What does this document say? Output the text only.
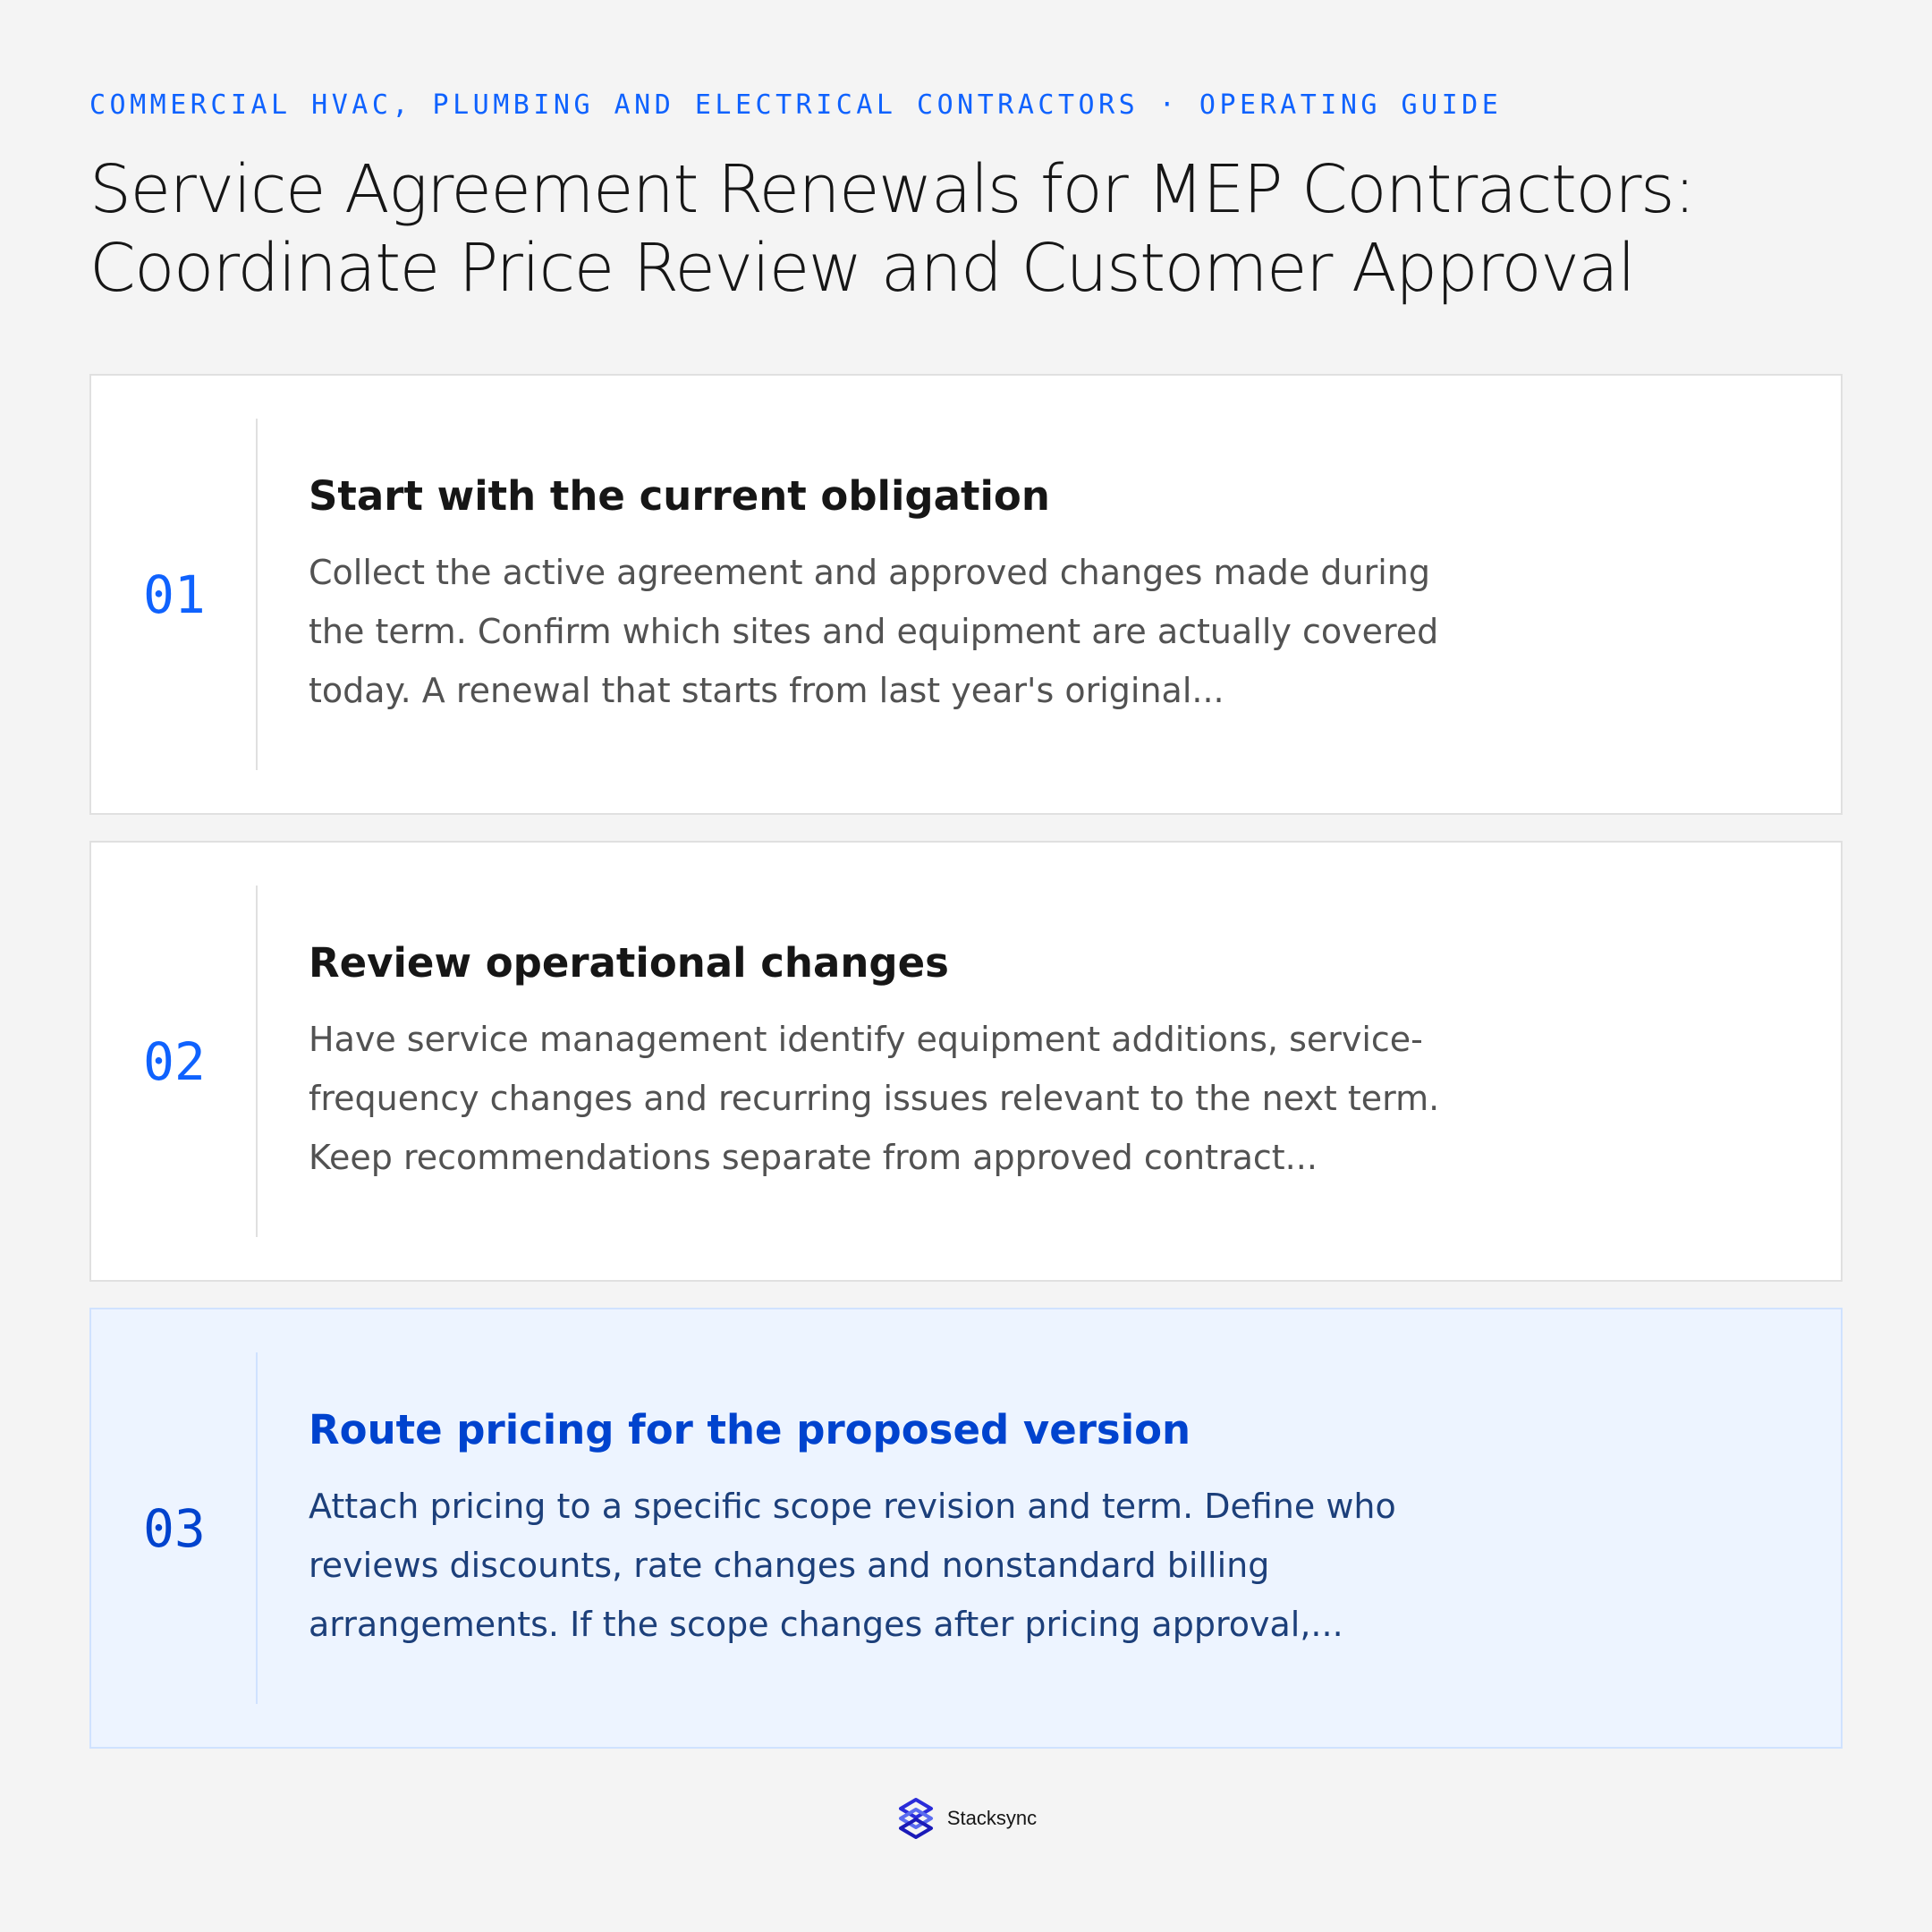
COMMERCIAL HVAC, PLUMBING AND ELECTRICAL CONTRACTORS · OPERATING GUIDE
Service Agreement Renewals for MEP Contractors:
Coordinate Price Review and Customer Approval
01
Start with the current obligation
Collect the active agreement and approved changes made during
the term. Confirm which sites and equipment are actually covered
today. A renewal that starts from last year's original...
02
Review operational changes
Have service management identify equipment additions, service-
frequency changes and recurring issues relevant to the next term.
Keep recommendations separate from approved contract...
03
Route pricing for the proposed version
Attach pricing to a specific scope revision and term. Define who
reviews discounts, rate changes and nonstandard billing
arrangements. If the scope changes after pricing approval,...
Stacksync
